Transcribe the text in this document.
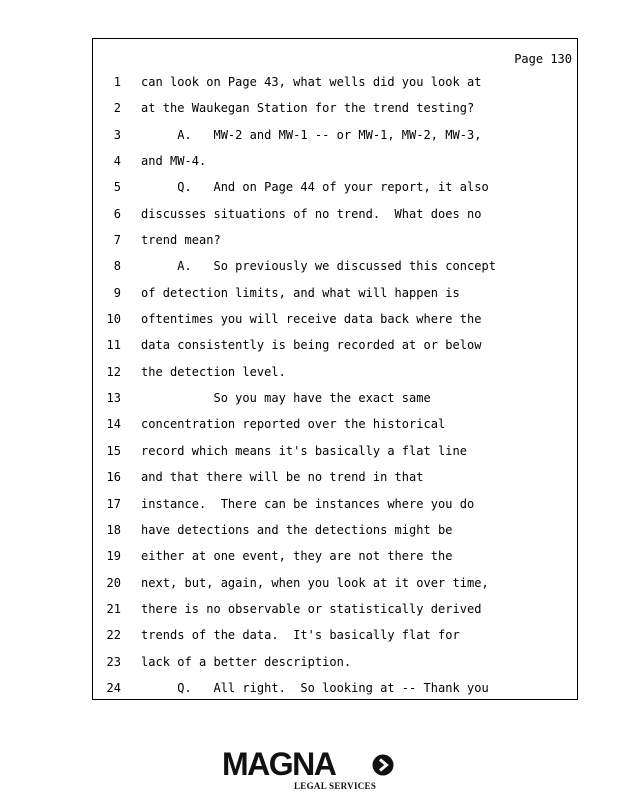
Page 130
1 can look on Page 43, what wells did you look at
2 at the Waukegan Station for the trend testing?
3 A.   MW-2 and MW-1 -- or MW-1, MW-2, MW-3,
4 and MW-4.
5 Q.   And on Page 44 of your report, it also
6 discusses situations of no trend.  What does no
7 trend mean?
8 A.   So previously we discussed this concept
9 of detection limits, and what will happen is
10 oftentimes you will receive data back where the
11 data consistently is being recorded at or below
12 the detection level.
13 So you may have the exact same
14 concentration reported over the historical
15 record which means it's basically a flat line
16 and that there will be no trend in that
17 instance.  There can be instances where you do
18 have detections and the detections might be
19 either at one event, they are not there the
20 next, but, again, when you look at it over time,
21 there is no observable or statistically derived
22 trends of the data.  It's basically flat for
23 lack of a better description.
24 Q.   All right.  So looking at -- Thank you
MAGNA
LEGAL SERVICES
